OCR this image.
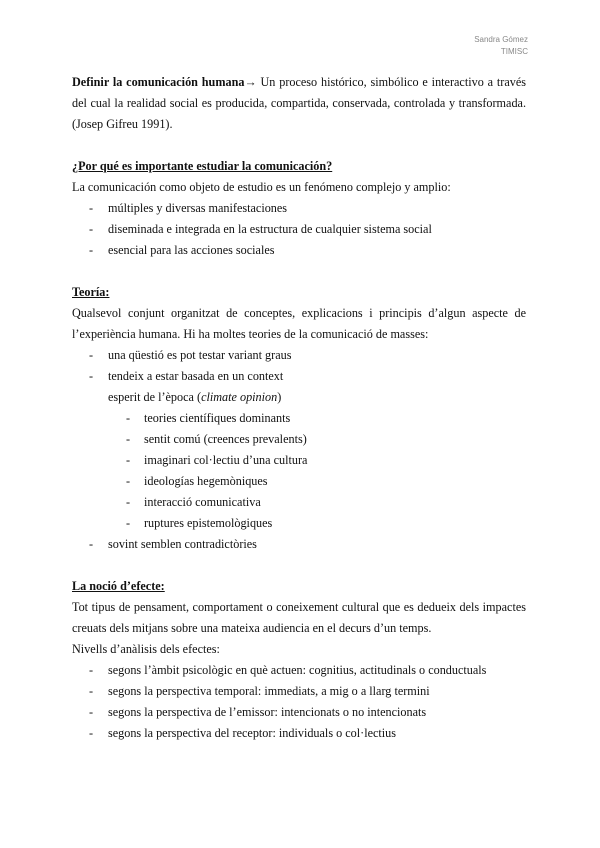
Sandra Gómez
TIMISC

Definir la comunicación humana→ Un proceso histórico, simbólico e interactivo a través del cual la realidad social es producida, compartida, conservada, controlada y transformada. (Josep Gifreu 1991).

¿Por qué es importante estudiar la comunicación?

La comunicación como objeto de estudio es un fenómeno complejo y amplio:

- múltiples y diversas manifestaciones
- diseminada e integrada en la estructura de cualquier sistema social
- esencial para las acciones sociales

Teoría:

Qualsevol conjunt organitzat de conceptes, explicacions i principis d’algun aspecte de l’experiència humana. Hi ha moltes teories de la comunicació de masses:

- una qüestió es pot testar variant graus
- tendeix a estar basada en un context

esperit de l’època (climate opinion)

- teories científiques dominants
- sentit comú (creences prevalents)
- imaginari col·lectiu d’una cultura
- ideologías hegemòniques
- interacció comunicativa
- ruptures epistemològiques
- sovint semblen contradictòries

La noció d’efecte:

Tot tipus de pensament, comportament o coneixement cultural que es dedueix dels impactes creuats dels mitjans sobre una mateixa audiencia en el decurs d’un temps.

Nivells d’anàlisis dels efectes:

- segons l’àmbit psicològic en què actuen: cognitius, actitudinals o conductuals
- segons la perspectiva temporal: immediats, a mig o a llarg termini
- segons la perspectiva de l’emissor: intencionats o no intencionats
- segons la perspectiva del receptor: individuals o col·lectius
